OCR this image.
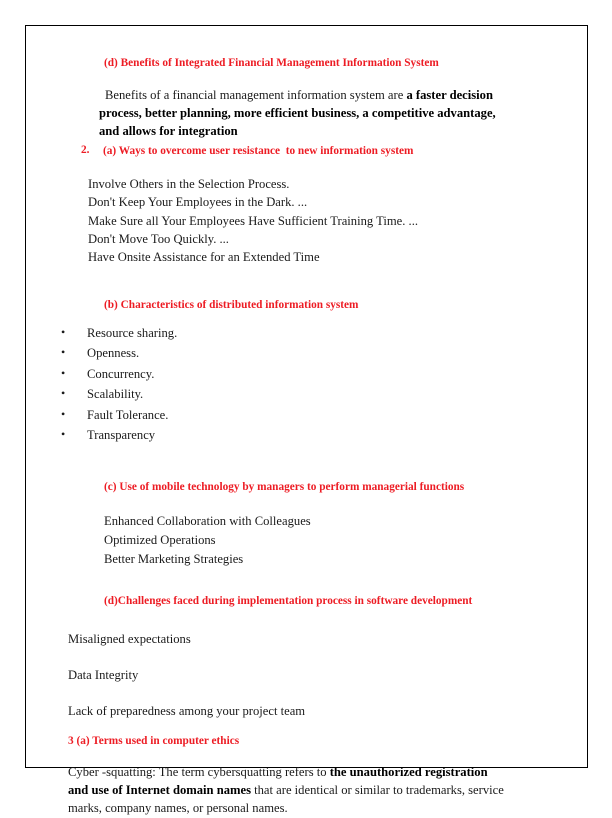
(d) Benefits of Integrated Financial Management Information System

Benefits of a financial management information system are a faster decision process, better planning, more efficient business, a competitive advantage, and allows for integration

2.	(a) Ways to overcome user resistance  to new information system
Involve Others in the Selection Process.
Don't Keep Your Employees in the Dark. ...
Make Sure all Your Employees Have Sufficient Training Time. ...
Don't Move Too Quickly. ...
Have Onsite Assistance for an Extended Time

(b) Characteristics of distributed information system

• Resource sharing.
• Openness.
• Concurrency.
• Scalability.
• Fault Tolerance.
• Transparency

(c) Use of mobile technology by managers to perform managerial functions

Enhanced Collaboration with Colleagues
Optimized Operations
Better Marketing Strategies

(d)Challenges faced during implementation process in software development

Misaligned expectations

Data Integrity

Lack of preparedness among your project team

3 (a) Terms used in computer ethics

Cyber -squatting: The term cybersquatting refers to the unauthorized registration and use of Internet domain names that are identical or similar to trademarks, service marks, company names, or personal names.
